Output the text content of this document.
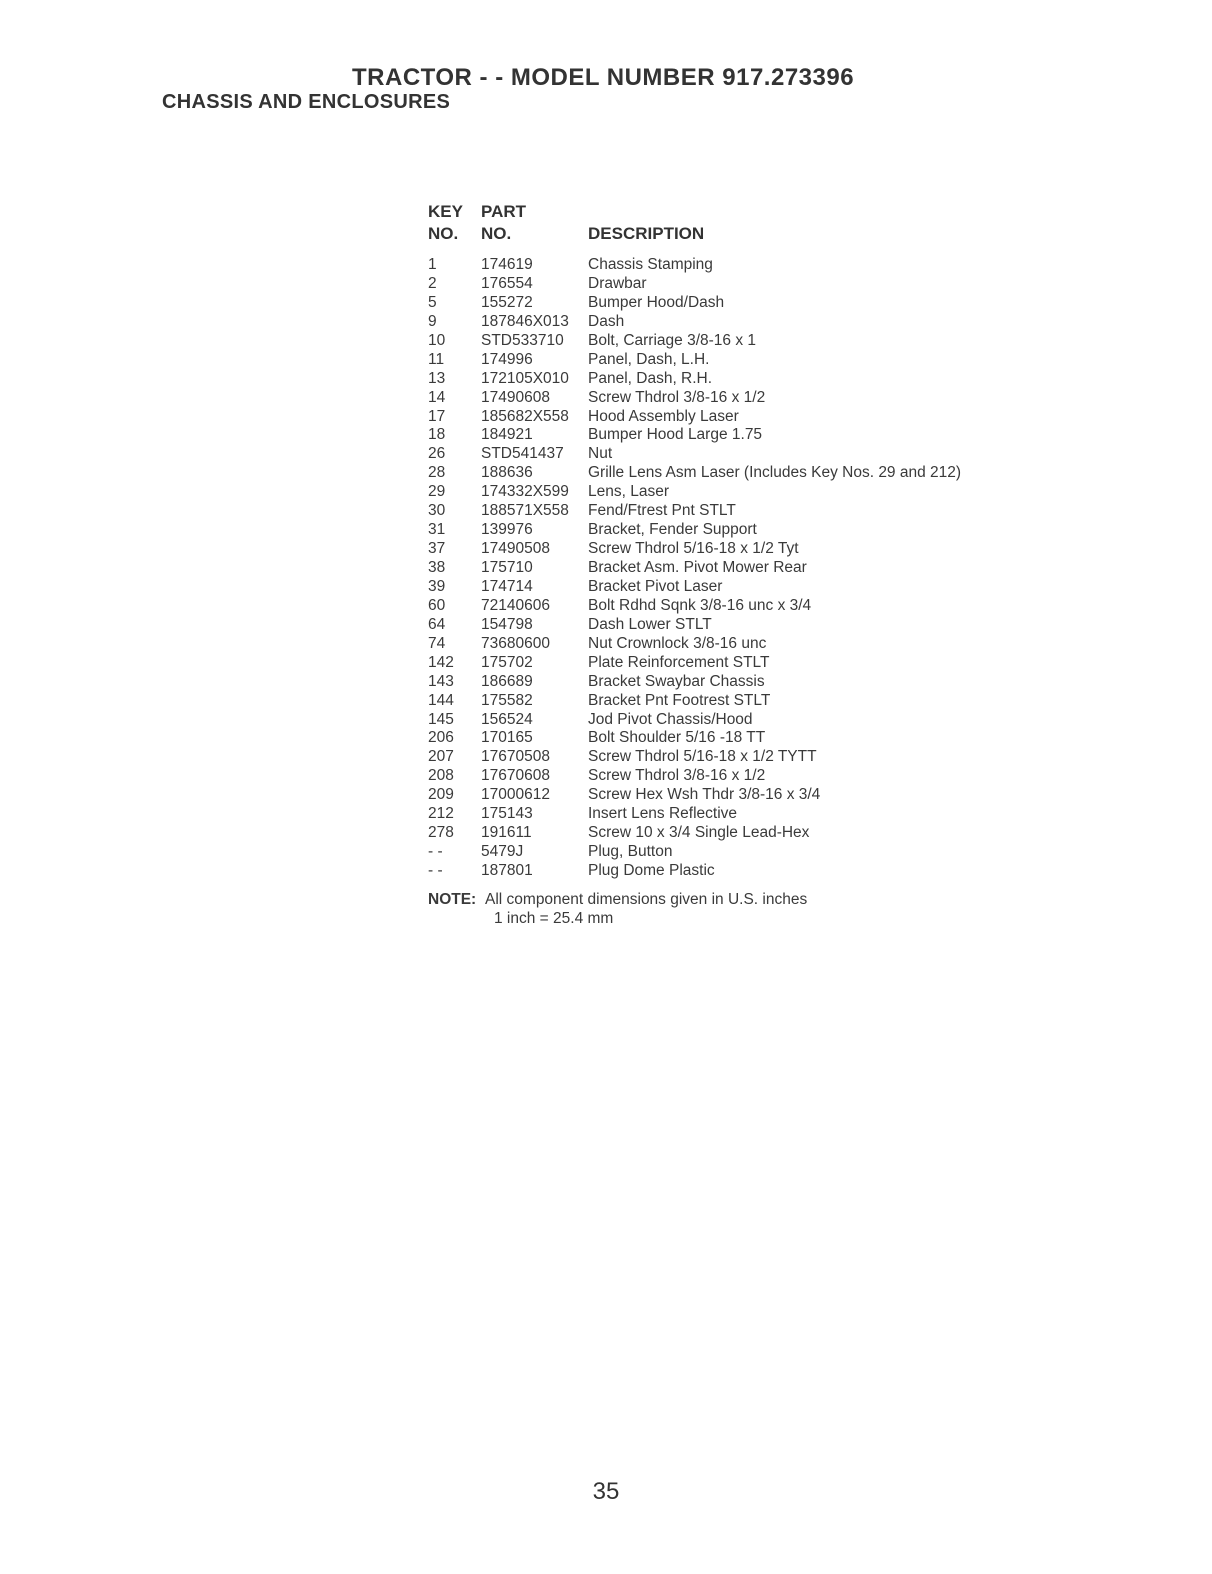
TRACTOR - - MODEL NUMBER 917.273396
CHASSIS AND ENCLOSURES
KEY PART
NO. NO.	DESCRIPTION
1	174619	Chassis Stamping
2	176554	Drawbar
5	155272	Bumper Hood/Dash
9	187846X013 Dash
10 STD533710 Bolt, Carriage 3/8-16 x 1
11 174996	Panel, Dash, L.H.
13 172105X010 Panel, Dash, R.H.
14 17490608 Screw Thdrol 3/8-16 x 1/2
17 185682X558 Hood Assembly Laser
18 184921	Bumper Hood Large 1.75
26 STD541437 Nut
28 188636	Grille Lens Asm Laser (Includes Key Nos. 29 and 212)
29 174332X599 Lens, Laser
30 188571X558 Fend/Ftrest Pnt STLT
31 139976	Bracket, Fender Support
37 17490508 Screw Thdrol 5/16-18 x 1/2 Tyt
38 175710	Bracket Asm. Pivot Mower Rear
39 174714	Bracket Pivot Laser
60 72140606 Bolt Rdhd Sqnk 3/8-16 unc x 3/4
64 154798	Dash Lower STLT
74 73680600 Nut Crownlock 3/8-16 unc
142 175702	Plate Reinforcement STLT
143 186689	Bracket Swaybar Chassis
144 175582	Bracket Pnt Footrest STLT
145 156524	Jod Pivot Chassis/Hood
206 170165	Bolt Shoulder 5/16 -18 TT
207 17670508 Screw Thdrol 5/16-18 x 1/2 TYTT
208 17670608 Screw Thdrol 3/8-16 x 1/2
209 17000612 Screw Hex Wsh Thdr 3/8-16 x 3/4
212 175143	Insert Lens Reflective
278 191611	Screw 10 x 3/4 Single Lead-Hex
- - 5479J	Plug, Button
- - 187801	Plug Dome Plastic
NOTE: All component dimensions given in U.S. inches
1 inch = 25.4 mm
35
